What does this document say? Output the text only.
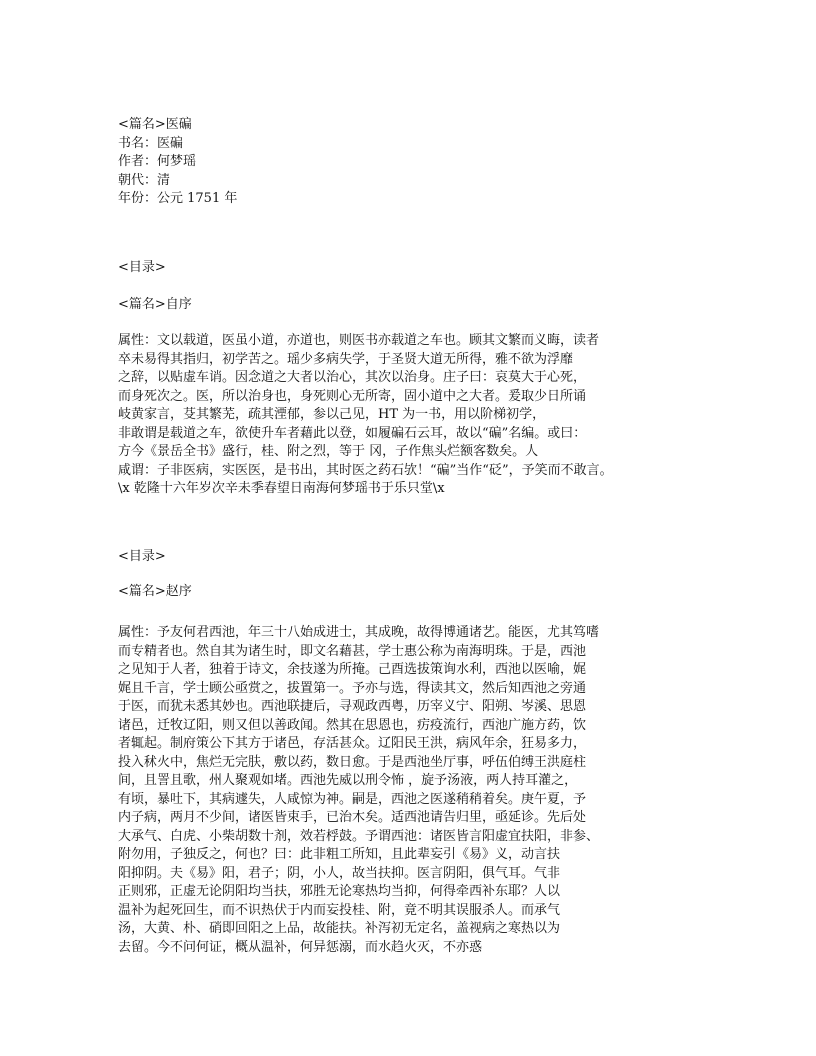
<篇名>医碥
书名：医碥
作者：何梦瑶
朝代：清
年份：公元 1751 年
<目录>
<篇名>自序
属性：文以载道，医虽小道，亦道也，则医书亦载道之车也。顾其文繁而义晦，读者
卒未易得其指归，初学苦之。瑶少多病失学，于圣贤大道无所得，雅不欲为浮靡
之辞，以贴虚车诮。因念道之大者以治心，其次以治身。庄子曰：哀莫大于心死，
而身死次之。医，所以治身也，身死则心无所寄，固小道中之大者。爰取少日所诵
岐黄家言，芟其繁芜，疏其湮郁，参以己见，HT 为一书，用以阶梯初学，
非敢谓是载道之车，欲使升车者藉此以登，如履碥石云耳，故以“碥”名编。或曰：
方今《景岳全书》盛行，桂、附之烈，等于 冈，子作焦头烂额客数矣。人
咸谓：子非医病，实医医，是书出，其时医之药石欤！“碥”当作“砭”，予笑而不敢言。
\x 乾隆十六年岁次辛未季春望日南海何梦瑶书于乐只堂\x
<目录>
<篇名>赵序
属性：予友何君西池，年三十八始成进士，其成晚，故得博通诸艺。能医，尤其笃嗜
而专精者也。然自其为诸生时，即文名藉甚，学士惠公称为南海明珠。于是，西池
之见知于人者，独着于诗文，余技遂为所掩。己酉选拔策询水利，西池以医喻，娓
娓且千言，学士顾公亟赏之，拔置第一。予亦与选，得读其文，然后知西池之旁通
于医，而犹未悉其妙也。西池联捷后，寻观政西粤，历宰义宁、阳朔、岑溪、思恩
诸邑，迁牧辽阳，则又但以善政闻。然其在思恩也，疠疫流行，西池广施方药，饮
者辄起。制府策公下其方于诸邑，存活甚众。辽阳民王洪，病风年余，狂易多力，
投入秫火中，焦烂无完肤，敷以药，数日愈。于是西池坐厅事，呼伍伯缚王洪庭柱
间，且詈且歌，州人聚观如堵。西池先威以刑令怖 ，旋予汤液，两人持耳灌之，
有顷，暴吐下，其病遽失，人咸惊为神。嗣是，西池之医遂稍稍着矣。庚午夏，予
内子病，两月不少间，诸医皆束手，已治木矣。适西池请告归里，亟延诊。先后处
大承气、白虎、小柴胡数十剂，效若桴鼓。予谓西池：诸医皆言阳虚宜扶阳，非参、
附勿用，子独反之，何也？曰：此非粗工所知，且此辈妄引《易》义，动言扶
阳抑阴。夫《易》阳，君子；阴，小人，故当扶抑。医言阴阳，俱气耳。气非
正则邪，正虚无论阴阳均当扶，邪胜无论寒热均当抑，何得牵西补东耶？人以
温补为起死回生，而不识热伏于内而妄投桂、附，竟不明其误服杀人。而承气
汤，大黄、朴、硝即回阳之上品，故能扶。补泻初无定名，盖视病之寒热以为
去留。今不问何证，概从温补，何异惩溺，而水趋火灭，不亦惑
